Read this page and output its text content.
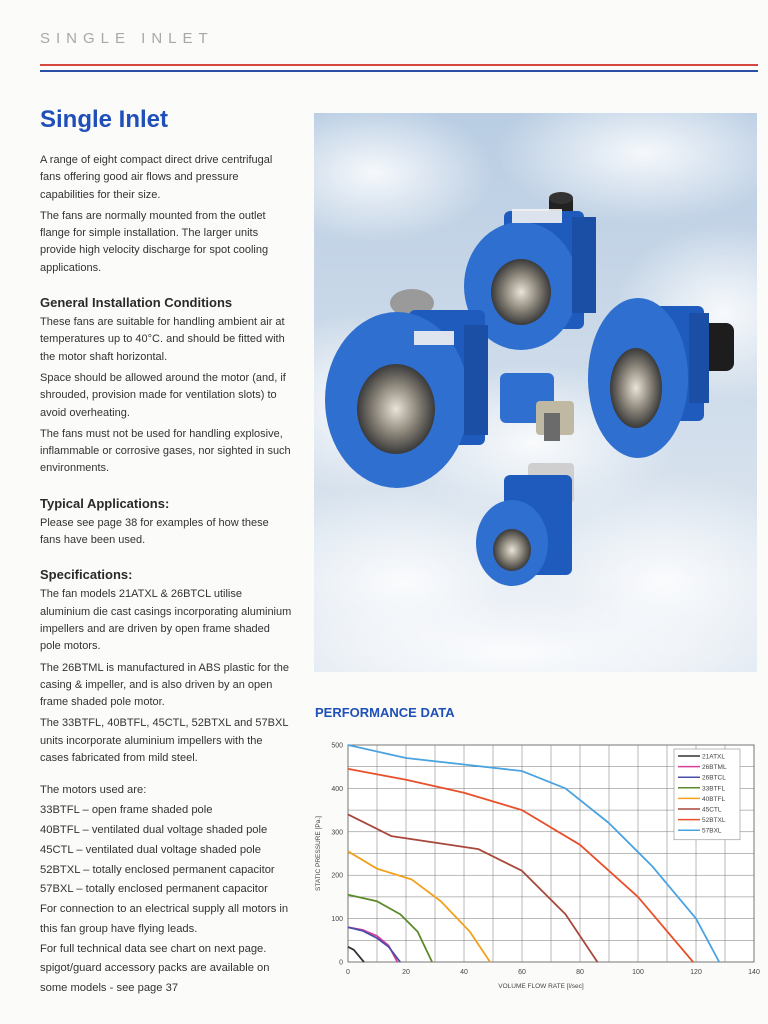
SINGLE INLET
Single Inlet

A range of eight compact direct drive centrifugal fans offering good air flows and pressure capabilities for their size.

The fans are normally mounted from the outlet flange for simple installation. The larger units provide high velocity discharge for spot cooling applications.

General Installation Conditions

These fans are suitable for handling ambient air at temperatures up to 40°C. and should be fitted with the motor shaft horizontal.

Space should be allowed around the motor (and, if shrouded, provision made for ventilation slots) to avoid overheating.

The fans must not be used for handling explosive, inflammable or corrosive gases, nor sighted in such environments.

Typical Applications:

Please see page 38 for examples of how these fans have been used.

Specifications:

The fan models 21ATXL & 26BTCL utilise aluminium die cast casings incorporating aluminium impellers and are driven by open frame shaded pole motors.

The 26BTML is manufactured in ABS plastic for the casing & impeller, and is also driven by an open frame shaded pole motor.

The 33BTFL, 40BTFL, 45CTL, 52BTXL and 57BXL units incorporate aluminium impellers with the cases fabricated from mild steel.

The motors used are:

33BTFL – open frame shaded pole

40BTFL – ventilated dual voltage shaded pole

45CTL – ventilated dual voltage shaded pole

52BTXL – totally enclosed permanent capacitor

57BXL – totally enclosed permanent capacitor

For connection to an electrical supply all motors in this fan group have flying leads.

For full technical data see chart on next page.

spigot/guard accessory packs are available on some models - see page 37

PERFORMANCE DATA
0	20	40	60	80	100	120	140
0
100
200
300
400
500
VOLUME FLOW RATE [l/sec]
STATIC PRESSURE [Pa.]
21ATXL
26BTML
26BTCL
33BTFL
40BTFL
45CTL
52BTXL
57BXL
